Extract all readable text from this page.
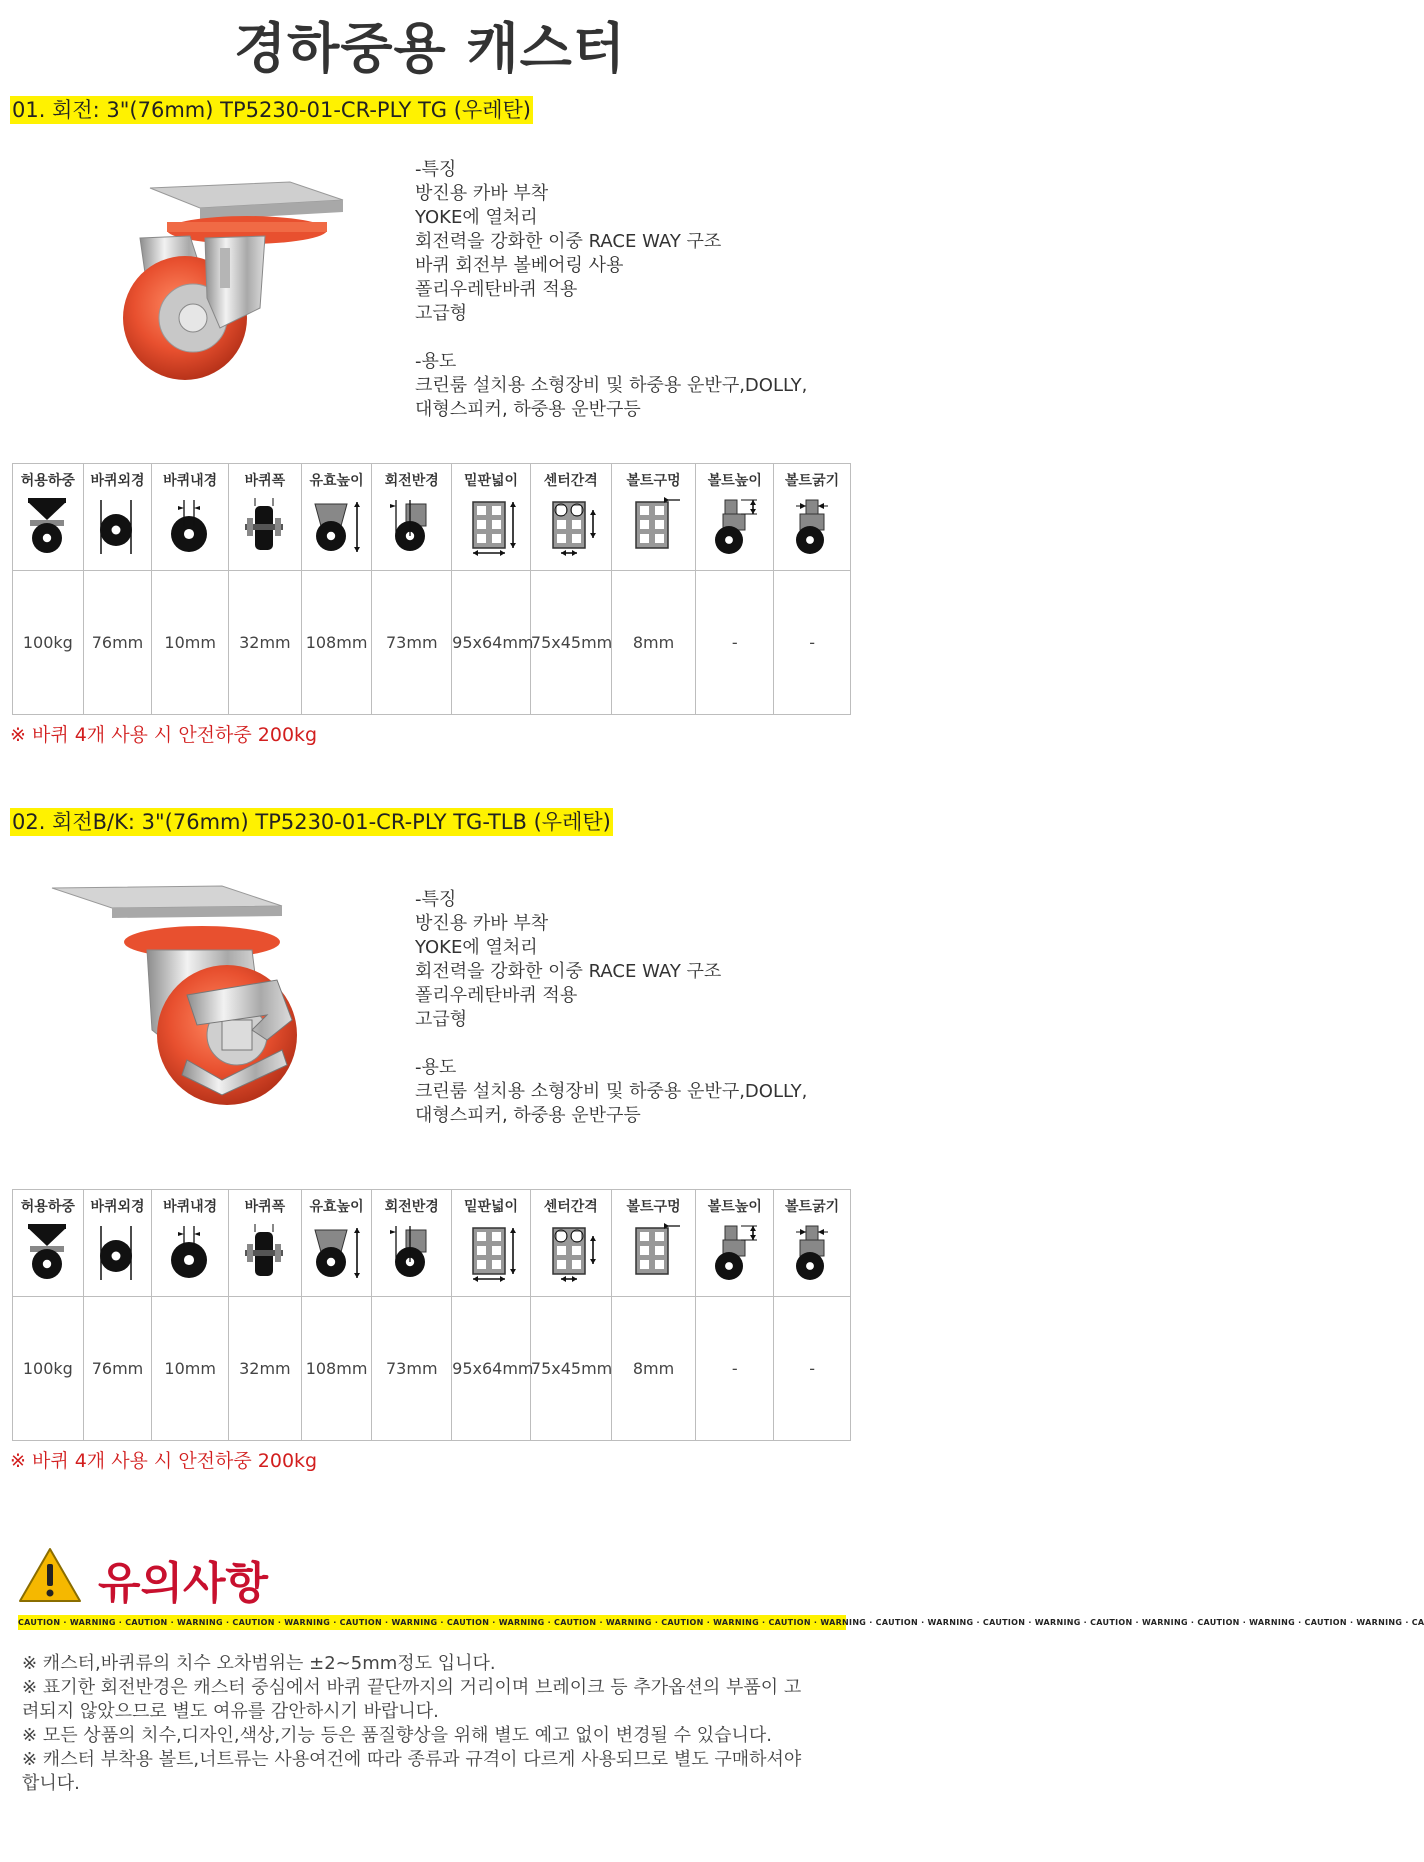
경하중용 캐스터
01. 회전: 3"(76mm) TP5230-01-CR-PLY TG (우레탄)
-특징
방진용 카바 부착
YOKE에 열처리
회전력을 강화한 이중 RACE WAY 구조
바퀴 회전부 볼베어링 사용
폴리우레탄바퀴 적용
고급형
-용도
크린룸 설치용 소형장비 및 하중용 운반구,DOLLY,
대형스피커, 하중용 운반구등
허용하중	바퀴외경	바퀴내경	바퀴폭	유효높이	회전반경	밑판넓이	센터간격	볼트구멍	볼트높이	볼트굵기

100kg	76mm	10mm	32mm	108mm	73mm	95x64mm	75x45mm	8mm	-	-
※ 바퀴 4개 사용 시 안전하중 200kg
02. 회전B/K: 3"(76mm) TP5230-01-CR-PLY TG-TLB (우레탄)
-특징
방진용 카바 부착
YOKE에 열처리
회전력을 강화한 이중 RACE WAY 구조
폴리우레탄바퀴 적용
고급형
-용도
크린룸 설치용 소형장비 및 하중용 운반구,DOLLY,
대형스피커, 하중용 운반구등
허용하중	바퀴외경	바퀴내경	바퀴폭	유효높이	회전반경	밑판넓이	센터간격	볼트구멍	볼트높이	볼트굵기

100kg	76mm	10mm	32mm	108mm	73mm	95x64mm	75x45mm	8mm	-	-
※ 바퀴 4개 사용 시 안전하중 200kg
유의사항
CAUTION · WARNING · CAUTION · WARNING · CAUTION · WARNING · CAUTION · WARNING · CAUTION · WARNING · CAUTION · WARNING · CAUTION · WARNING · CAUTION · WARNING · CAUTION · WARNING · CAUTION · WARNING · CAUTION · WARNING · CAUTION · WARNING · CAUTION · WARNING · CA
※ 캐스터,바퀴류의 치수 오차범위는 ±2~5mm정도 입니다.
※ 표기한 회전반경은 캐스터 중심에서 바퀴 끝단까지의 거리이며 브레이크 등 추가옵션의 부품이 고
려되지 않았으므로 별도 여유를 감안하시기 바랍니다.
※ 모든 상품의 치수,디자인,색상,기능 등은 품질향상을 위해 별도 예고 없이 변경될 수 있습니다.
※ 캐스터 부착용 볼트,너트류는 사용여건에 따라 종류과 규격이 다르게 사용되므로 별도 구매하셔야
합니다.
